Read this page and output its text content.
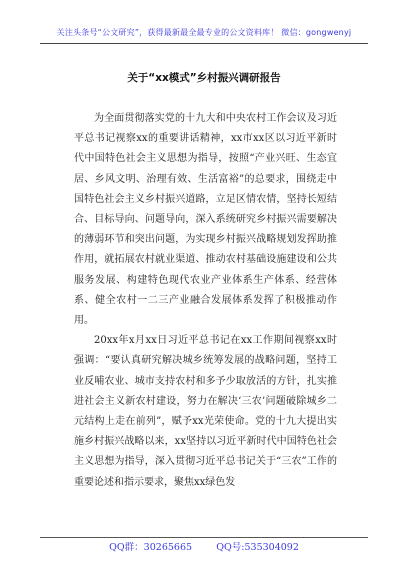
关注头条号“公文研究”，获得最新最全最专业的公文资料库！ 微信：gongwenyj
关于“xx模式”乡村振兴调研报告

为全面贯彻落实党的十九大和中央农村工作会议及习近平总书记视察xx的重要讲话精神，xx市xx区以习近平新时代中国特色社会主义思想为指导，按照“产业兴旺、生态宜居、乡风文明、治理有效、生活富裕”的总要求，围绕走中国特色社会主义乡村振兴道路，立足区情农情，坚持长短结合、目标导向、问题导向，深入系统研究乡村振兴需要解决的薄弱环节和突出问题，为实现乡村振兴战略规划发挥助推作用，就拓展农村就业渠道、推动农村基础设施建设和公共服务发展、构建特色现代农业产业体系生产体系、经营体系、健全农村一二三产业融合发展体系发挥了积极推动作用。

20xx年x月xx日习近平总书记在xx工作期间视察xx时强调：“要认真研究解决城乡统筹发展的战略问题，坚持工业反哺农业、城市支持农村和多予少取放活的方针，扎实推进社会主义新农村建设，努力在解决‘三农’问题破除城乡二元结构上走在前列”，赋予xx光荣使命。党的十九大提出实施乡村振兴战略以来，xx坚持以习近平新时代中国特色社会主义思想为指导，深入贯彻习近平总书记关于“三农”工作的重要论述和指示要求，聚焦xx绿色发

QQ群：30265665        QQ号:535304092
